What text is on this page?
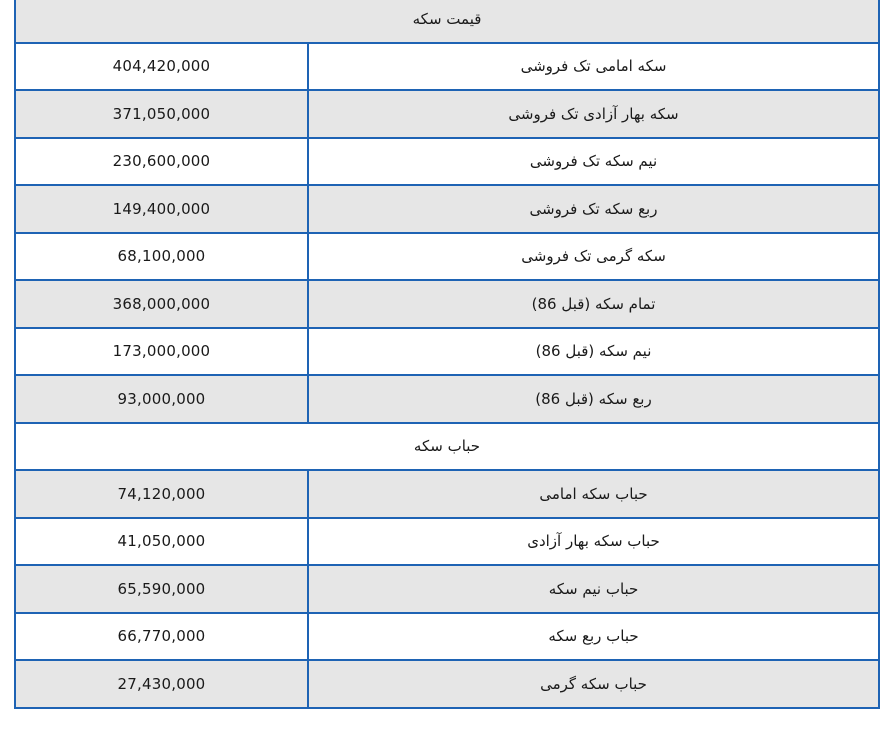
قیمت سکه	
404,420,000	سکه امامی تک فروشی
371,050,000	سکه بهار آزادی تک فروشی
230,600,000	نیم سکه تک فروشی
149,400,000	ربع سکه تک فروشی
68,100,000	سکه گرمی تک فروشی
368,000,000	تمام سکه (قبل 86)
173,000,000	نیم سکه (قبل 86)
93,000,000	ربع سکه (قبل 86)
حباب سکه	
74,120,000	حباب سکه امامی
41,050,000	حباب سکه بهار آزادی
65,590,000	حباب نیم سکه
66,770,000	حباب ربع سکه
27,430,000	حباب سکه گرمی
